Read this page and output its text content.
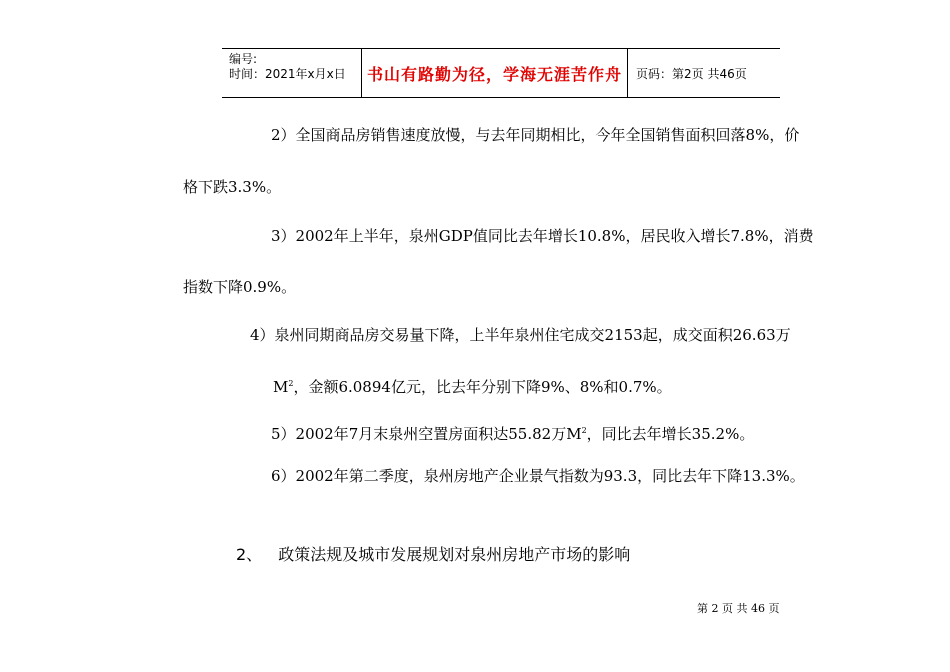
编号:
时间：2021年x月x日	书山有路勤为径，学海无涯苦作舟	页码：第2页 共46页
2）全国商品房销售速度放慢，与去年同期相比，今年全国销售面积回落8%，价
格下跌3.3%。
3）2002年上半年，泉州GDP值同比去年增长10.8%，居民收入增长7.8%，消费
指数下降0.9%。
4）泉州同期商品房交易量下降，上半年泉州住宅成交2153起，成交面积26.63万
$M^2$，金额6.0894亿元，比去年分别下降9%、8%和0.7%。
5）2002年7月末泉州空置房面积达55.82万$M^2$，同比去年增长35.2%。
6）2002年第二季度，泉州房地产企业景气指数为93.3，同比去年下降13.3%。
2、 政策法规及城市发展规划对泉州房地产市场的影响
第 2 页 共 46 页
